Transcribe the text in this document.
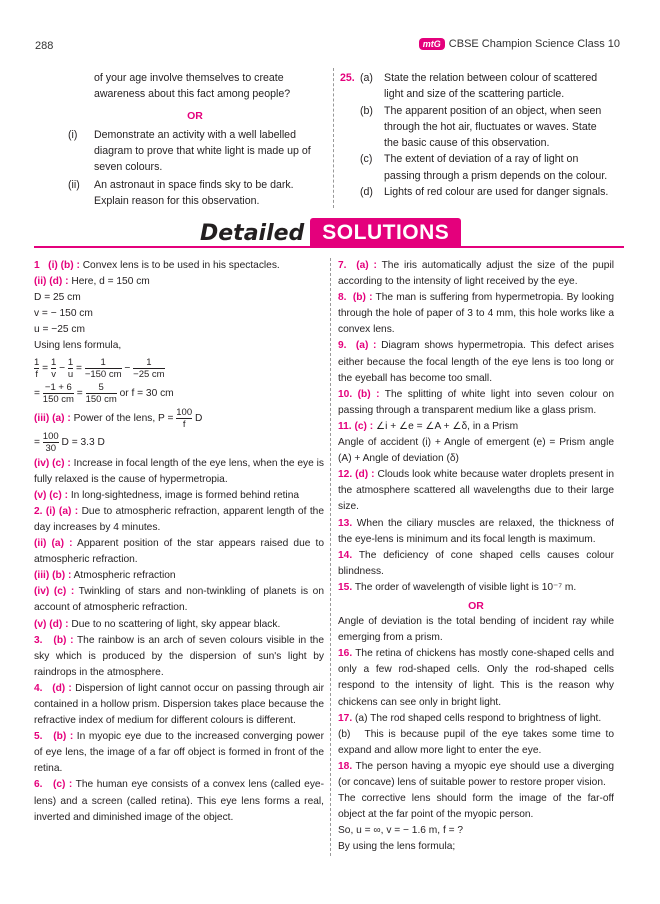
288	mtG CBSE Champion Science Class 10
of your age involve themselves to create awareness about this fact among people?
OR
(i)	Demonstrate an activity with a well labelled diagram to prove that white light is made up of seven colours.
(ii)	An astronaut in space finds sky to be dark. Explain reason for this observation.
25. (a)	State the relation between colour of scattered light and size of the scattering particle.
(b)	The apparent position of an object, when seen through the hot air, fluctuates or waves. State the basic cause of this observation.
(c)	The extent of deviation of a ray of light on passing through a prism depends on the colour.
(d)	Lights of red colour are used for danger signals.
Detailed SOLUTIONS
1 (i) (b) : Convex lens is to be used in his spectacles.
(ii) (d) : Here, d = 150 cm
D = 25 cm
v = − 150 cm
u = −25 cm
Using lens formula,
$\frac{1}{f} = \frac{1}{v} - \frac{1}{u} = \frac{1}{-150 cm} - \frac{1}{-25 cm}$
= $\frac{-1 + 6}{150 cm} = \frac{5}{150 cm}$ or f = 30 cm
(iii) (a) : Power of the lens, $P = \frac{100}{f}$ D
= $\frac{100}{30}$ D = 3.3 D
(iv) (c) : Increase in focal length of the eye lens, when the eye is fully relaxed is the cause of hypermetropia.
(v) (c) : In long-sightedness, image is formed behind retina
2. (i) (a) : Due to atmospheric refraction, apparent length of the day increases by 4 minutes.
(ii) (a) : Apparent position of the star appears raised due to atmospheric refraction.
(iii) (b) : Atmospheric refraction
(iv) (c) : Twinkling of stars and non-twinkling of planets is on account of atmospheric refraction.
(v) (d) : Due to no scattering of light, sky appear black.
3. (b) : The rainbow is an arch of seven colours visible in the sky which is produced by the dispersion of sun's light by raindrops in the atmosphere.
4. (d) : Dispersion of light cannot occur on passing through air contained in a hollow prism. Dispersion takes place because the refractive index of medium for different colours is different.
5. (b) : In myopic eye due to the increased converging power of eye lens, the image of a far off object is formed in front of the retina.
6. (c) : The human eye consists of a convex lens (called eye-lens) and a screen (called retina). This eye lens forms a real, inverted and diminished image of the object.
7. (a) : The iris automatically adjust the size of the pupil according to the intensity of light received by the eye.
8. (b) : The man is suffering from hypermetropia. By looking through the hole of paper of 3 to 4 mm, this hole works like a convex lens.
9. (a) : Diagram shows hypermetropia. This defect arises either because the focal length of the eye lens is too long or the eyeball has become too small.
10. (b) : The splitting of white light into seven colour on passing through a transparent medium like a glass prism.
11. (c) : ∠i + ∠e = ∠A + ∠δ, in a Prism
Angle of accident (i) + Angle of emergent (e) = Prism angle (A) + Angle of deviation (δ)
12. (d) : Clouds look white because water droplets present in the atmosphere scattered all wavelengths due to their large size.
13. When the ciliary muscles are relaxed, the thickness of the eye-lens is minimum and its focal length is maximum.
14. The deficiency of cone shaped cells causes colour blindness.
15. The order of wavelength of visible light is 10⁻⁷ m.
OR
Angle of deviation is the total bending of incident ray while emerging from a prism.
16. The retina of chickens has mostly cone-shaped cells and only a few rod-shaped cells. Only the rod-shaped cells respond to the intensity of light. This is the reason why chickens can see only in bright light.
17. (a) The rod shaped cells respond to brightness of light.
(b) This is because pupil of the eye takes some time to expand and allow more light to enter the eye.
18. The person having a myopic eye should use a diverging (or concave) lens of suitable power to restore proper vision.
The corrective lens should form the image of the far-off object at the far point of the myopic person.
So, u = ∞, v = − 1.6 m, f = ?
By using the lens formula;
